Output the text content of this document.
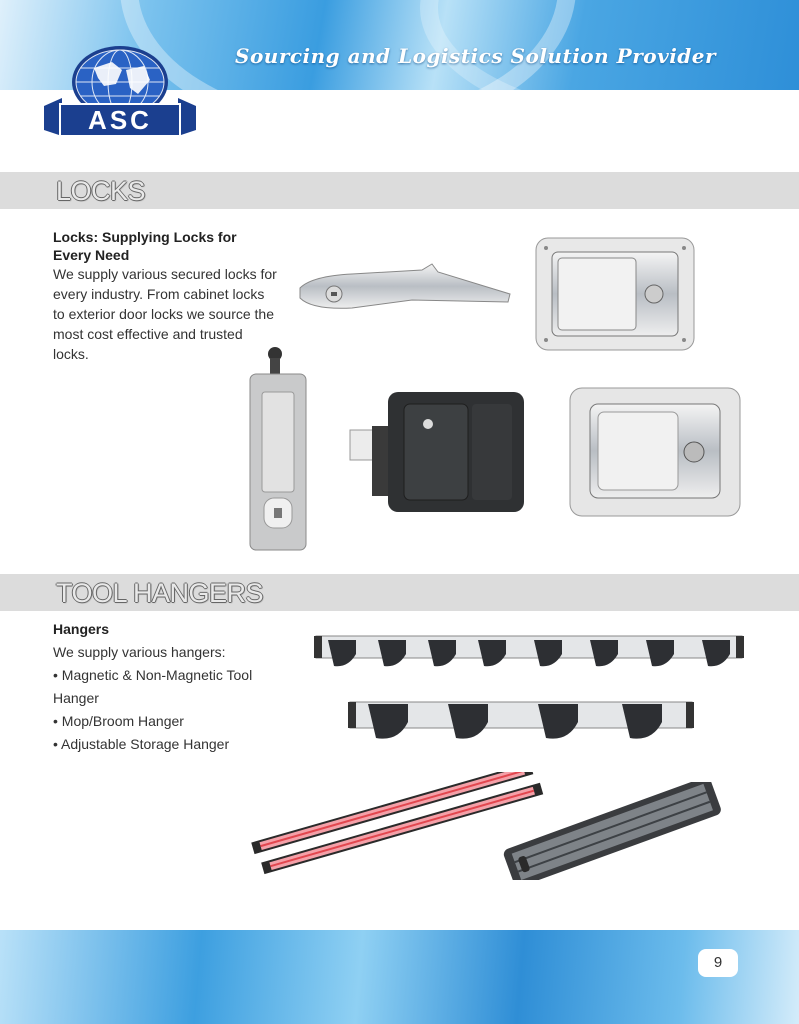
Sourcing and Logistics Solution Provider
ASC
LOCKS
Locks: Supplying Locks for Every Need
We supply various secured locks for every industry. From cabinet locks to exterior door locks we source the most cost effective and trusted locks.
TOOL HANGERS
Hangers
We supply various hangers:
• Magnetic & Non-Magnetic Tool Hanger
• Mop/Broom Hanger
• Adjustable Storage Hanger
9
